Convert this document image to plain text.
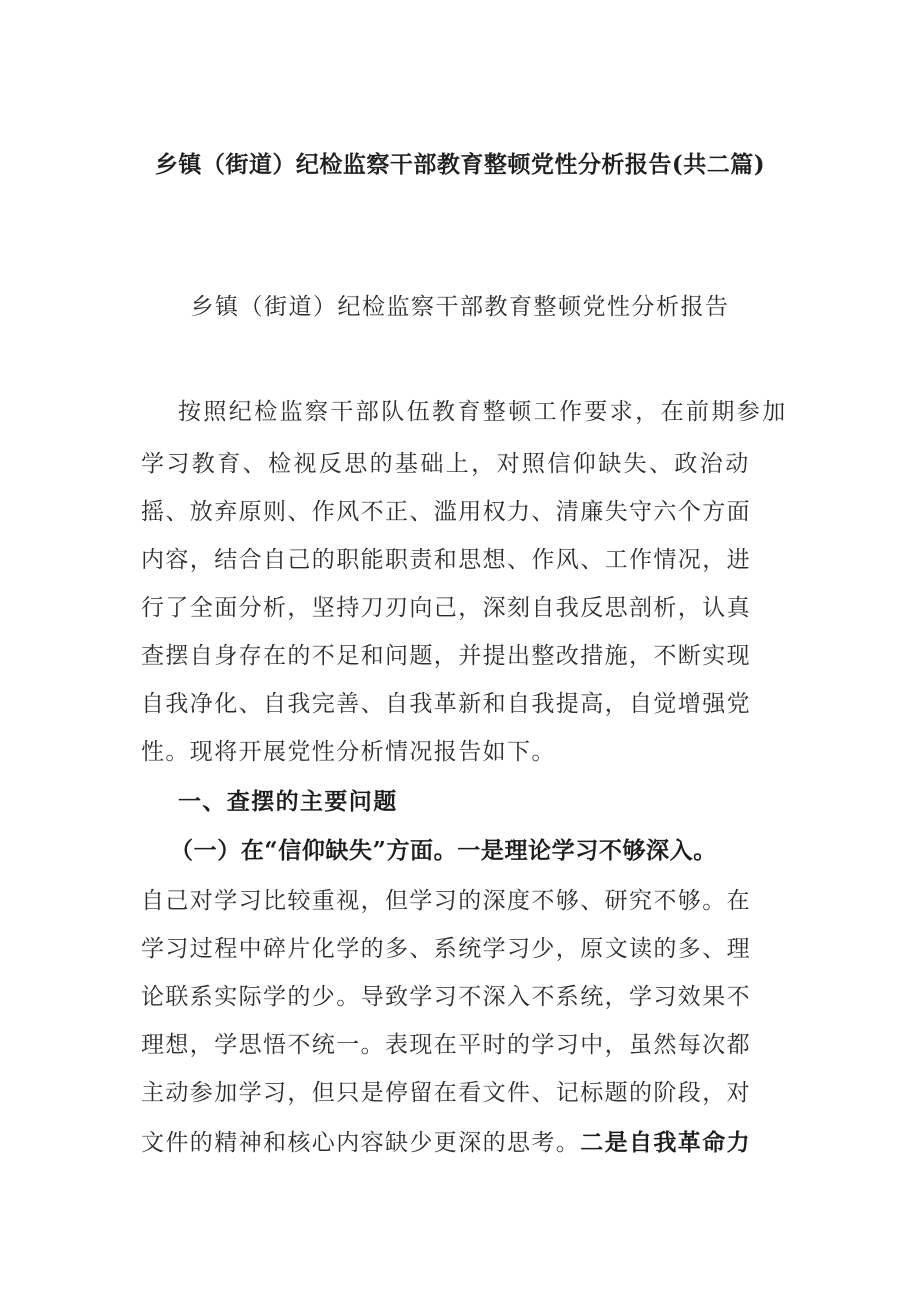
乡镇（街道）纪检监察干部教育整顿党性分析报告(共二篇)
乡镇（街道）纪检监察干部教育整顿党性分析报告
按照纪检监察干部队伍教育整顿工作要求，在前期参加
学习教育、检视反思的基础上，对照信仰缺失、政治动
摇、放弃原则、作风不正、滥用权力、清廉失守六个方面
内容，结合自己的职能职责和思想、作风、工作情况，进
行了全面分析，坚持刀刃向己，深刻自我反思剖析，认真
查摆自身存在的不足和问题，并提出整改措施，不断实现
自我净化、自我完善、自我革新和自我提高，自觉增强党
性。现将开展党性分析情况报告如下。
一、查摆的主要问题
（一）在“信仰缺失”方面。一是理论学习不够深入。
自己对学习比较重视，但学习的深度不够、研究不够。在
学习过程中碎片化学的多、系统学习少，原文读的多、理
论联系实际学的少。导致学习不深入不系统，学习效果不
理想，学思悟不统一。表现在平时的学习中，虽然每次都
主动参加学习，但只是停留在看文件、记标题的阶段，对
文件的精神和核心内容缺少更深的思考。二是自我革命力
